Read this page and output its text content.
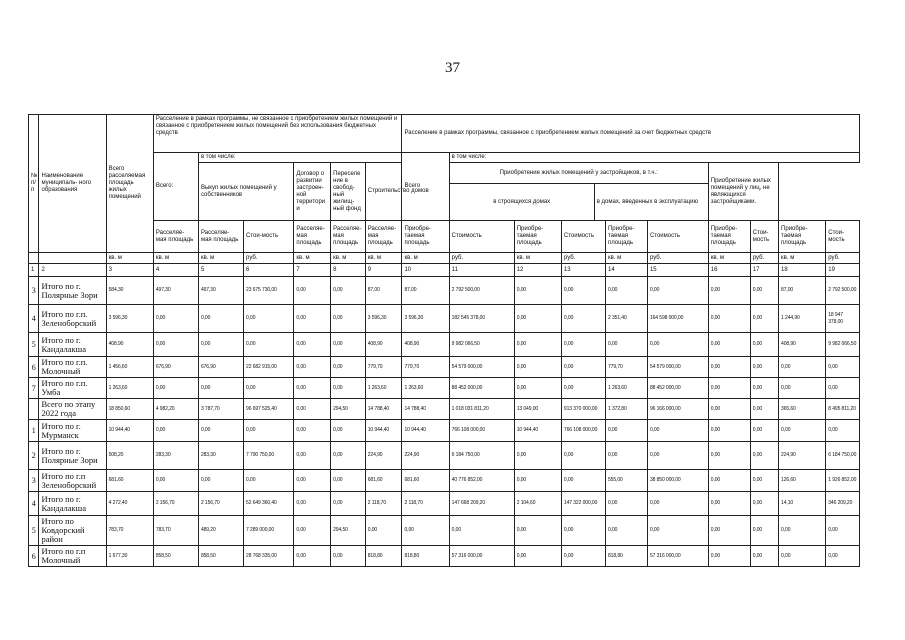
37
№ п/п	Наименование муниципаль- ного образования	Всего расселяемая площадь жилых помещений	Расселение в рамках программы, не связанное с приобретением жилых помещений и связанное с приобретением жилых помещений без использования бюджетных средств	Расселение в рамках программы, связанное с приобретением жилых помещений за счет бюджетных средств
Всего:	в том числе:	Всего	в том числе:
Выкуп жилых помещений у собственников	Договор о развитии застроен- ной территории	Переселе ние в свобод- ный жилищ- ный фонд	Строительство домов	
Приобретение жилых помещений у застройщиков, в т.ч.:
в строящихся домах	в домах, введенных в эксплуатацию
	Приобретение жилых помещений у лиц, не являющихся застройщиками.
Расселяе- мая площадь	Расселяе- мая площадь	Стои-мость	Расселяе- мая площадь	Расселяе- мая площадь	Расселяе- мая площадь	Приобре- таемая площадь	Стоимость	Приобре- таемая площадь	Стоимость	Приобре- таемая площадь	Стоимость	Приобре- таемая площадь	Стои- мость	Приобре- таемая площадь	Стои- мость
		кв. м	кв. м	кв. м	руб.	кв. м	кв. м	кв. м	кв. м	руб.	кв. м	руб.	кв. м	руб.	кв. м	руб.	кв. м	руб.
1	2	3	4	5	6	7	8	9	10	11	12	13	14	15	16	17	18	19
3	Итого по г. Полярные Зори	584,30	497,30	497,30	23 675 730,00	0,00	0,00	87,00	87,00	2 792 500,00	0,00	0,00	0,00	0,00	0,00	0,00	87,00	2 792 500,00
4	Итого по г.п. Зеленоборский	3 596,30	0,00	0,00	0,00	0,00	0,00	3 596,30	3 596,30	182 545 378,00	0,00	0,00	2 351,40	164 598 000,00	0,00	0,00	1 244,90	18 947 378,00
5	Итого по г. Кандалакша	408,90	0,00	0,00	0,00	0,00	0,00	408,90	408,90	9 982 066,50	0,00	0,00	0,00	0,00	0,00	0,00	408,90	9 982 066,50
6	Итого по г.п. Молочный	1 456,60	676,90	676,90	22 682 915,00	0,00	0,00	779,70	779,70	54 579 000,00	0,00	0,00	779,70	54 579 000,00	0,00	0,00	0,00	0,00
7	Итого по г.п. Умба	1 263,60	0,00	0,00	0,00	0,00	0,00	1 263,60	1 263,60	88 452 000,00	0,00	0,00	1 263,60	88 452 000,00	0,00	0,00	0,00	0,00
	Всего по этапу 2022 года	18 850,60	4 982,20	3 787,70	96 697 525,40	0,00	294,50	14 788,40	14 788,40	1 018 031 811,20	13 049,00	913 370 000,00	1 372,80	96 166 000,00	0,00	0,00	365,60	8 495 811,20
1	Итого по г. Мурманск	10 944,40	0,00	0,00	0,00	0,00	0,00	10 944,40	10 944,40	766 108 000,00	10 944,40	766 108 000,00	0,00	0,00	0,00	0,00	0,00	0,00
2	Итого по г. Полярные Зори	508,20	283,30	283,30	7 790 750,00	0,00	0,00	224,90	224,90	6 184 750,00	0,00	0,00	0,00	0,00	0,00	0,00	224,90	6 184 750,00
3	Итого по г.п Зеленоборский	681,60	0,00	0,00	0,00	0,00	0,00	681,60	681,60	40 776 852,00	0,00	0,00	555,00	38 850 000,00	0,00	0,00	126,60	1 926 852,00
4	Итого по г. Кандалакша	4 272,40	2 156,70	2 156,70	52 649 360,40	0,00	0,00	2 118,70	2 118,70	147 668 209,20	2 104,60	147 322 000,00	0,00	0,00	0,00	0,00	14,10	346 209,20
5	Итого по Ковдорский район	783,70	783,70	489,20	7 289 000,00	0,00	294,50	0,00	0,00	0,00	0,00	0,00	0,00	0,00	0,00	0,00	0,00	0,00
6	Итого по г.п Молочный	1 677,30	858,50	858,50	28 768 335,00	0,00	0,00	818,80	818,80	57 316 000,00	0,00	0,00	818,80	57 316 000,00	0,00	0,00	0,00	0,00
